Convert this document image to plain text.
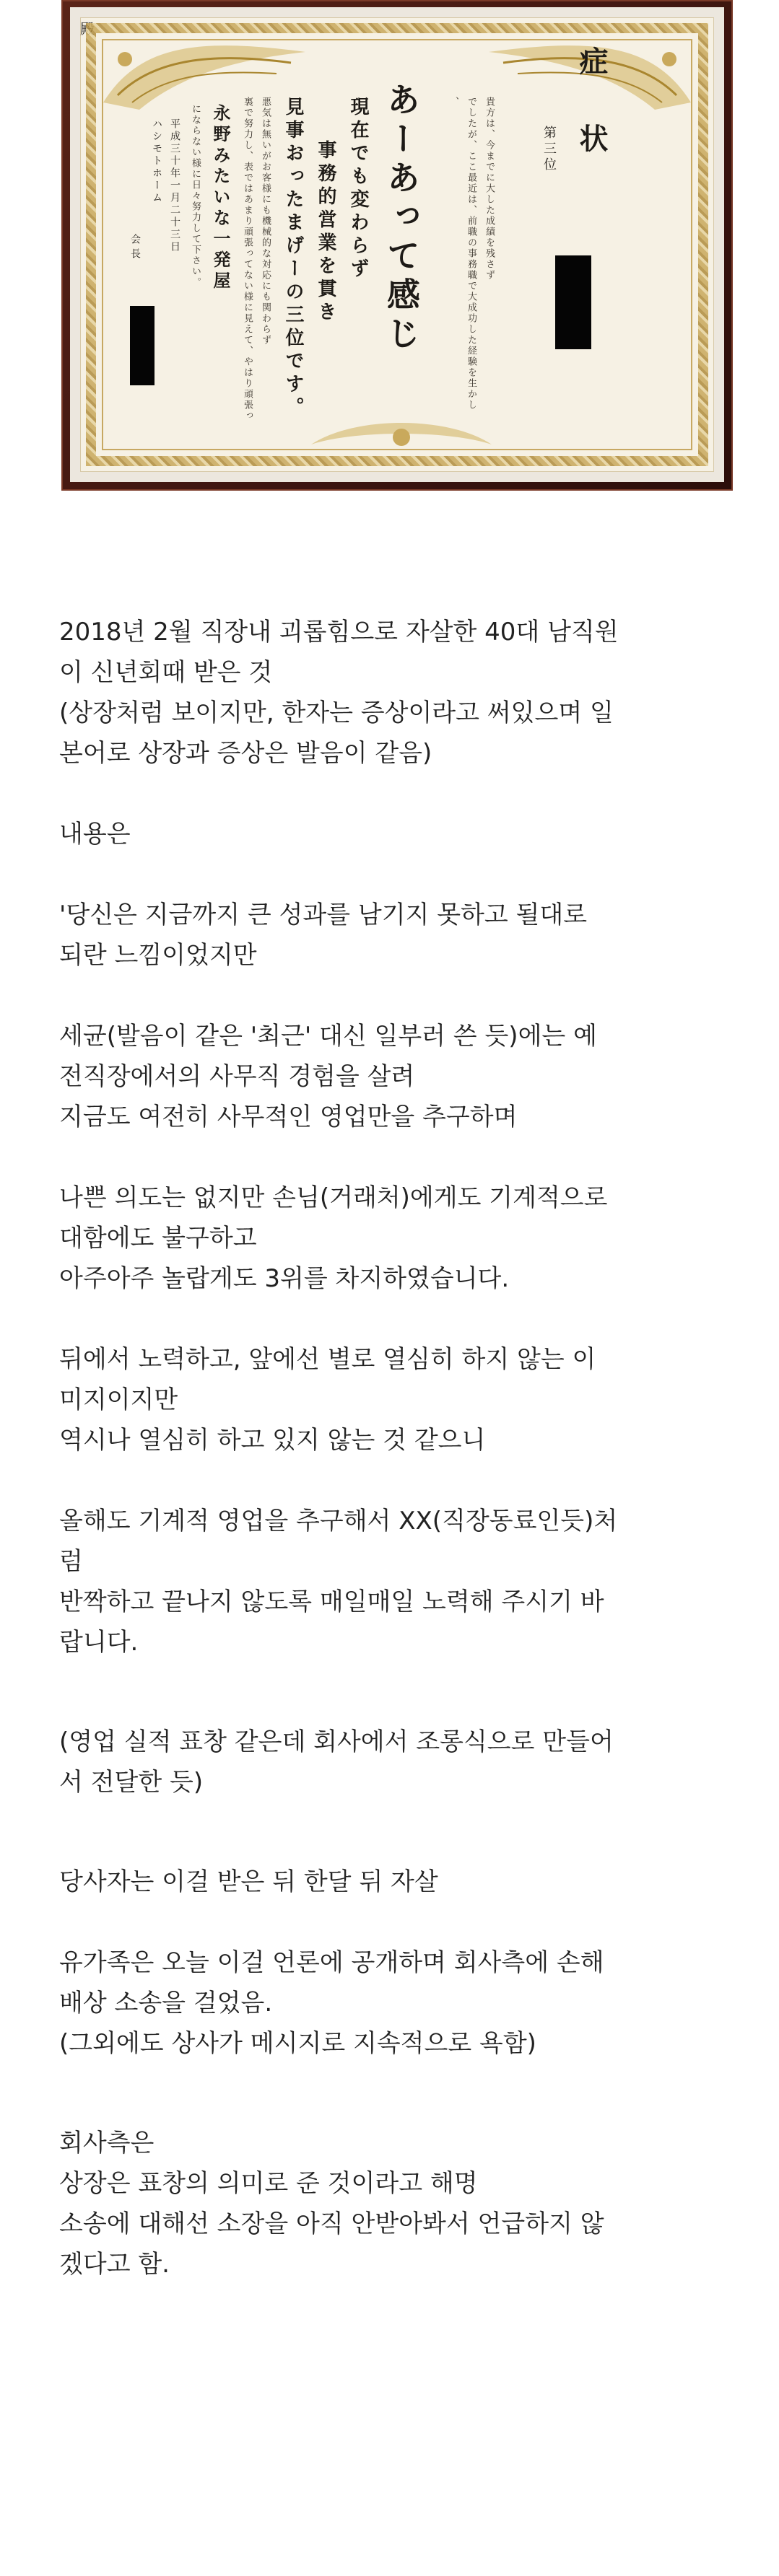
症 状
第三位
貴方は、今までに大した成績を残さず
でしたが、ここ最近は、前職の事務職で大成功した経験を生かし
、
あーあって感じ
現在でも変わらず
事務的営業を貫き
見事おったまげーの三位です。
悪気は無いがお客様にも機械的な対応にも関わらず
裏で努力し、表ではあまり頑張ってない様に見えて、やはり頑張っ
永野みたいな一発屋
にならない様に日々努力して下さい。
平成三十年一月二十三日
ハシモトホーム
会長
殿

2018년 2월 직장내 괴롭힘으로 자살한 40대 남직원
이 신년회때 받은 것
(상장처럼 보이지만, 한자는 증상이라고 써있으며 일
본어로 상장과 증상은 발음이 같음)

내용은

'당신은 지금까지 큰 성과를 남기지 못하고 될대로
되란 느낌이었지만

세균(발음이 같은 '최근' 대신 일부러 쓴 듯)에는 예
전직장에서의 사무직 경험을 살려
지금도 여전히 사무적인 영업만을 추구하며

나쁜 의도는 없지만 손님(거래처)에게도 기계적으로
대함에도 불구하고
아주아주 놀랍게도 3위를 차지하였습니다.

뒤에서 노력하고, 앞에선 별로 열심히 하지 않는 이
미지이지만
역시나 열심히 하고 있지 않는 것 같으니

올해도 기계적 영업을 추구해서 XX(직장동료인듯)처
럼
반짝하고 끝나지 않도록 매일매일 노력해 주시기 바
랍니다.

(영업 실적 표창 같은데 회사에서 조롱식으로 만들어
서 전달한 듯)

당사자는 이걸 받은 뒤 한달 뒤 자살

유가족은 오늘 이걸 언론에 공개하며 회사측에 손해
배상 소송을 걸었음.
(그외에도 상사가 메시지로 지속적으로 욕함)

회사측은
상장은 표창의 의미로 준 것이라고 해명
소송에 대해선 소장을 아직 안받아봐서 언급하지 않
겠다고 함.
